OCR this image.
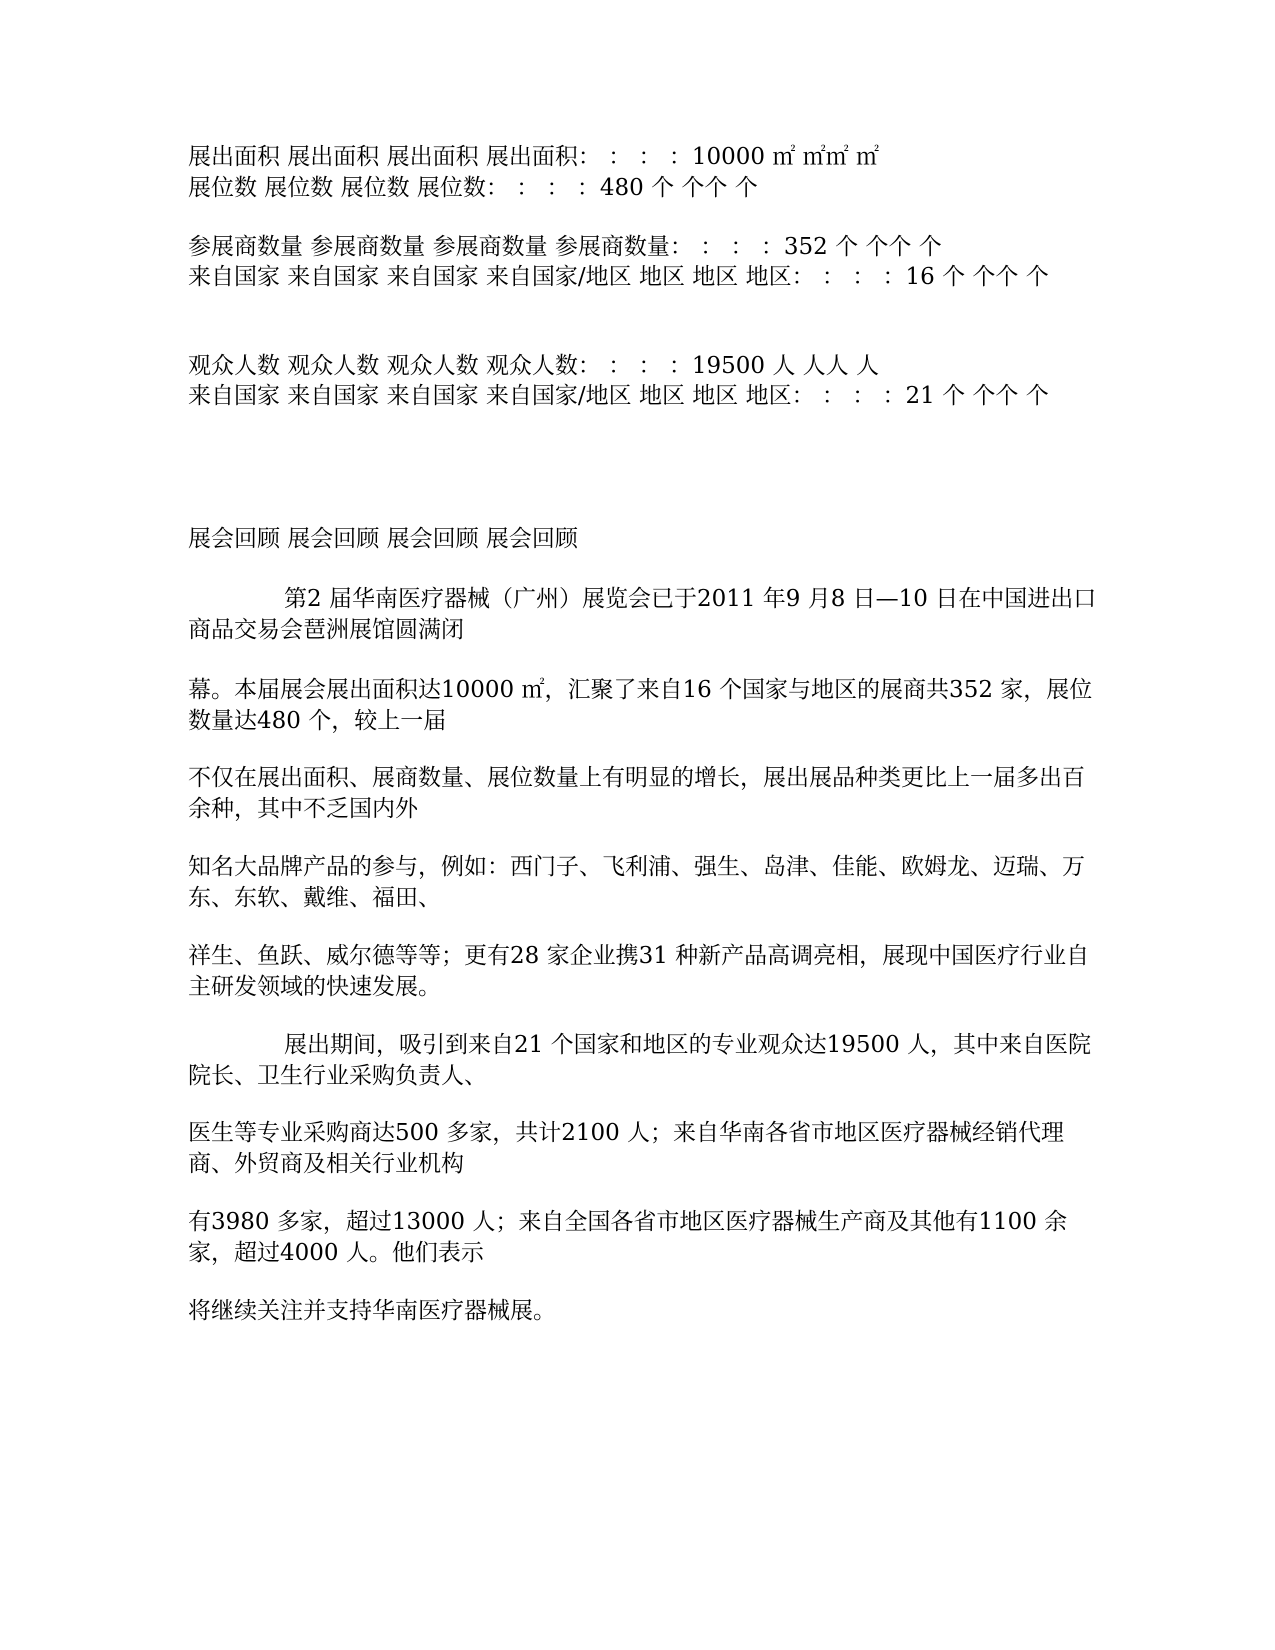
展出面积 展出面积 展出面积 展出面积： ： ： ：10000 ㎡ ㎡㎡ ㎡

展位数 展位数 展位数 展位数： ： ： ：480 个 个个 个

参展商数量 参展商数量 参展商数量 参展商数量： ： ： ：352 个 个个 个

来自国家 来自国家 来自国家 来自国家/地区 地区 地区 地区： ： ： ：16 个 个个 个

观众人数 观众人数 观众人数 观众人数： ： ： ：19500 人 人人 人

来自国家 来自国家 来自国家 来自国家/地区 地区 地区 地区： ： ： ：21 个 个个 个

展会回顾 展会回顾 展会回顾 展会回顾

第2 届华南医疗器械（广州）展览会已于2011 年9 月8 日—10 日在中国进出口商品交易会琶洲展馆圆满闭

幕。本届展会展出面积达10000 ㎡，汇聚了来自16 个国家与地区的展商共352 家，展位数量达480 个，较上一届

不仅在展出面积、展商数量、展位数量上有明显的增长，展出展品种类更比上一届多出百余种，其中不乏国内外

知名大品牌产品的参与，例如：西门子、飞利浦、强生、岛津、佳能、欧姆龙、迈瑞、万东、东软、戴维、福田、

祥生、鱼跃、威尔德等等；更有28 家企业携31 种新产品高调亮相，展现中国医疗行业自主研发领域的快速发展。

展出期间，吸引到来自21 个国家和地区的专业观众达19500 人，其中来自医院院长、卫生行业采购负责人、

医生等专业采购商达500 多家，共计2100 人；来自华南各省市地区医疗器械经销代理商、外贸商及相关行业机构

有3980 多家，超过13000 人；来自全国各省市地区医疗器械生产商及其他有1100 余家，超过4000 人。他们表示

将继续关注并支持华南医疗器械展。
